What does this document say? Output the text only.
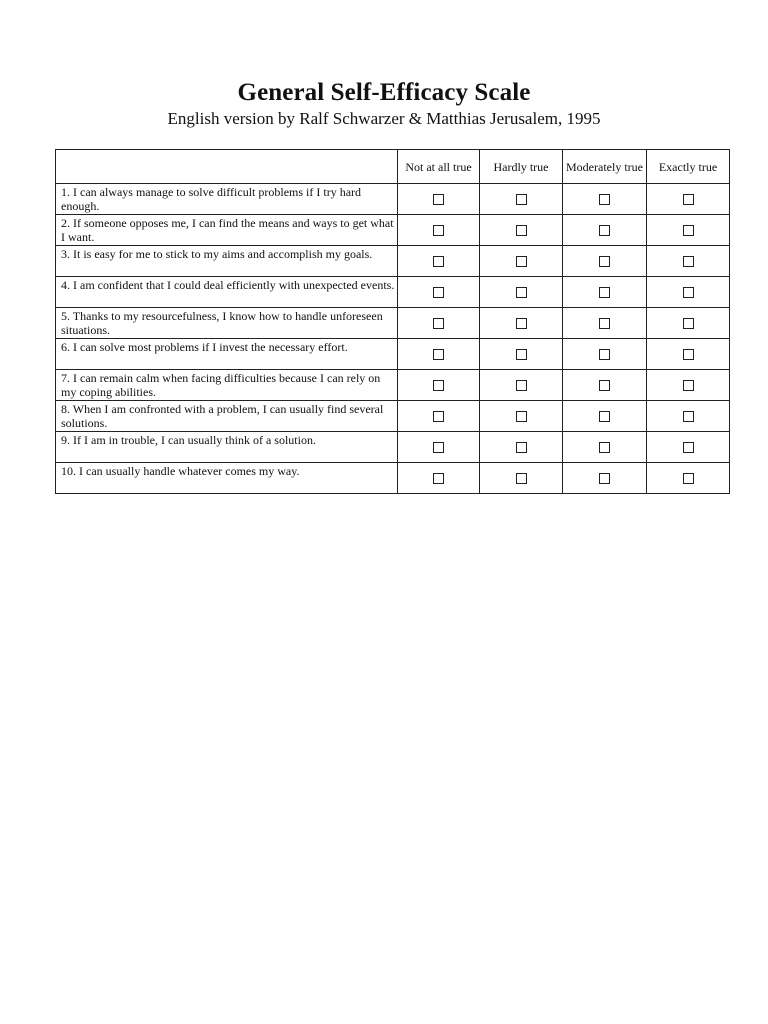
General Self-Efficacy Scale
English version by Ralf Schwarzer & Matthias Jerusalem, 1995
	Not at all true	Hardly true	Moderately true	Exactly true
1. I can always manage to solve difficult problems if I try hard enough.				
2. If someone opposes me, I can find the means and ways to get what I want.				
3. It is easy for me to stick to my aims and accomplish my goals.				
4. I am confident that I could deal efficiently with unexpected events.				
5. Thanks to my resourcefulness, I know how to handle unforeseen situations.				
6. I can solve most problems if I invest the necessary effort.				
7. I can remain calm when facing difficulties because I can rely on my coping abilities.				
8. When I am confronted with a problem, I can usually find several solutions.				
9. If I am in trouble, I can usually think of a solution.				
10. I can usually handle whatever comes my way.				
